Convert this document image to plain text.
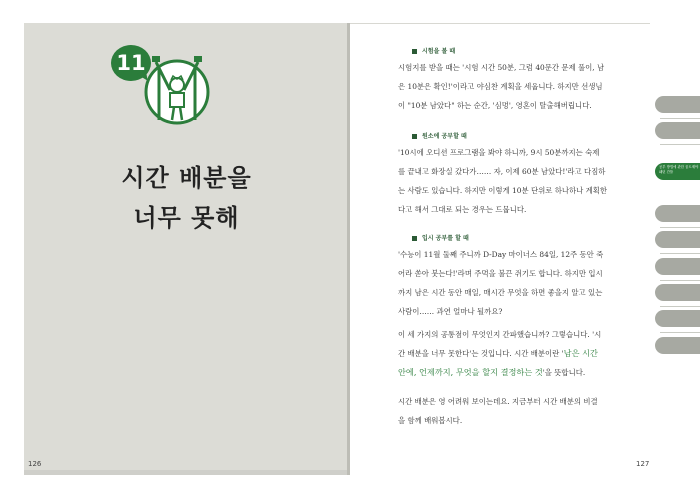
11
시간 배분을
너무 못해
126	127
시험을 볼 때
시험지를 받을 때는 '시험 시간 50분, 그럼 40문간 문제 풀이, 남
은 10분은 확인!'이라고 야심찬 계획을 세웁니다. 하지만 선생님
이 "10분 남았다" 하는 순간, '심멍', 영혼이 탈출해버립니다.
원소에 공부할 때
'10시에 오디션 프로그램을 봐야 하니까, 9시 50분까지는 숙제
를 끝내고 화장실 갔다가…… 자, 이제 60분 남았다!'라고 다짐하
는 사람도 있습니다. 하지만 이렇게 10분 단위로 하나하나 계획한
다고 해서 그대로 되는 경우는 드뭅니다.
입시 공부를 할 때
'수능이 11월 둘째 주니까 D-Day 마이너스 84일, 12주 동안 죽
어라 쏟아 붓는다!'라며 주먹을 불끈 쥐기도 합니다. 하지만 입시
까지 남은 시간 동안 매일, 매시간 무엇을 하면 좋을지 알고 있는
사람이…… 과연 얼마나 될까요?
이 세 가지의 공통점이 무엇인지 간파했습니까? 그렇습니다. '시
간 배분을 너무 못한다'는 것입니다. 시간 배분이란 '남은 시간
안에, 언제까지, 무엇을 할지 결정하는 것'을 뜻합니다.
시간 배분은 영 어려워 보이는데요. 지금부터 시간 배분의 비결
을 함께 배워봅시다.
공부 방법에 관한 꿈도제야 패턴 간틀
